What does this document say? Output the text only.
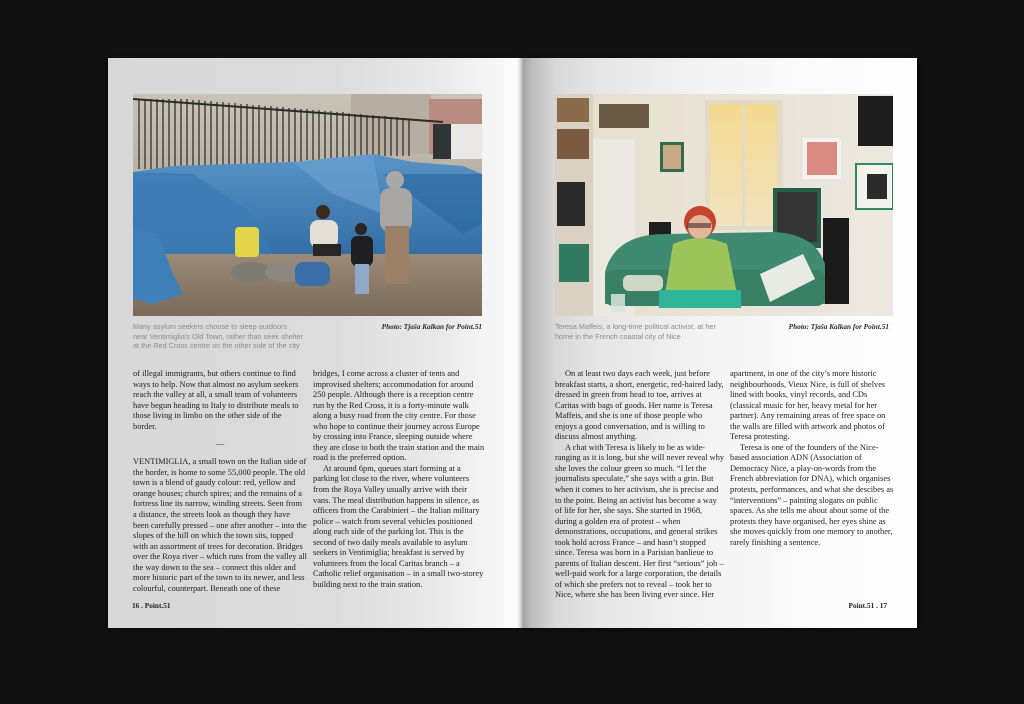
Many asylum seekers choose to sleep outdoors
near Ventimiglia's Old Town, rather than seek shelter
at the Red Cross centre on the other side of the city
Photo: Tjaša Kalkan for Point.51

of illegal immigrants, but others continue to find ways to help. Now that almost no asylum seekers reach the valley at all, a small team of volunteers have begun heading to Italy to distribute meals to those living in limbo on the other side of the border.

—

VENTIMIGLIA, a small town on the Italian side of the border, is home to some 55,000 people. The old town is a blend of gaudy colour: red, yellow and orange houses; church spires; and the remains of a fortress line its narrow, winding streets. Seen from a distance, the streets look as though they have been carefully pressed – one after another – into the slopes of the hill on which the town sits, topped with an assortment of trees for decoration. Bridges over the Roya river – which runs from the valley all the way down to the sea – connect this older and more historic part of the town to its newer, and less colourful, counterpart. Beneath one of these

bridges, I come across a cluster of tents and improvised shelters; accommodation for around 250 people. Although there is a reception centre run by the Red Cross, it is a forty-minute walk along a busy road from the city centre. For those who hope to continue their journey across Europe by crossing into France, sleeping outside where they are close to both the train station and the main road is the preferred option.

At around 6pm, queues start forming at a parking lot close to the river, where volunteers from the Roya Valley usually arrive with their vans. The meal distribution happens in silence, as officers from the Carabinieri – the Italian military police – watch from several vehicles positioned along each side of the parking lot. This is the second of two daily meals available to asylum seekers in Ventimiglia; breakfast is served by volunteers from the local Caritas branch – a Catholic relief organisation – in a small two-storey building next to the train station.

16 . Point.51
Teresa Maffeis, a long-time political activist, at her
home in the French coastal city of Nice
Photo: Tjaša Kalkan for Point.51

On at least two days each week, just before breakfast starts, a short, energetic, red-haired lady, dressed in green from head to toe, arrives at Caritas with bags of goods. Her name is Teresa Maffeis, and she is one of those people who enjoys a good conversation, and is willing to discuss almost anything.

A chat with Teresa is likely to be as wide-ranging as it is long, but she will never reveal why she loves the colour green so much. “I let the journalists speculate,” she says with a grin. But when it comes to her activism, she is precise and to the point. Being an activist has become a way of life for her, she says. She started in 1968, during a golden era of protest – when demonstrations, occupations, and general strikes took hold across France – and hasn’t stopped since. Teresa was born in a Parisian banlieue to parents of Italian descent. Her first “serious” job – well-paid work for a large corporation, the details of which she prefers not to reveal – took her to Nice, where she has been living ever since. Her

apartment, in one of the city’s more historic neighbourhoods, Vieux Nice, is full of shelves lined with books, vinyl records, and CDs (classical music for her, heavy metal for her partner). Any remaining areas of free space on the walls are filled with artwork and photos of Teresa protesting.

Teresa is one of the founders of the Nice-based association ADN (Association of Democracy Nice, a play-on-words from the French abbreviation for DNA), which organises protests, performances, and what she descibes as “interventions” – painting slogans on public spaces. As she tells me about about some of the protests they have organised, her eyes shine as she moves quickly from one memory to another, rarely finishing a sentence.

Point.51 . 17
